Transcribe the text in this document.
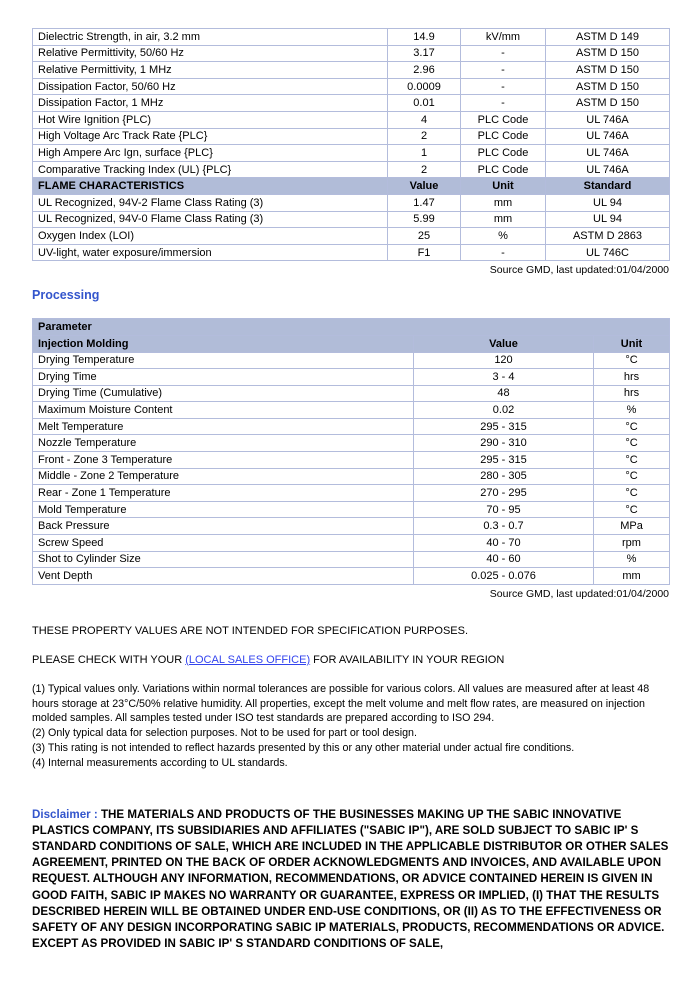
Dielectric Strength, in air, 3.2 mm	14.9	kV/mm	ASTM D 149
Relative Permittivity, 50/60 Hz	3.17	-	ASTM D 150
Relative Permittivity, 1 MHz	2.96	-	ASTM D 150
Dissipation Factor, 50/60 Hz	0.0009	-	ASTM D 150
Dissipation Factor, 1 MHz	0.01	-	ASTM D 150
Hot Wire Ignition {PLC)	4	PLC Code	UL 746A
High Voltage Arc Track Rate {PLC}	2	PLC Code	UL 746A
High Ampere Arc Ign, surface {PLC}	1	PLC Code	UL 746A
Comparative Tracking Index (UL) {PLC}	2	PLC Code	UL 746A
FLAME CHARACTERISTICS	Value	Unit	Standard
UL Recognized, 94V-2 Flame Class Rating (3)	1.47	mm	UL 94
UL Recognized, 94V-0 Flame Class Rating (3)	5.99	mm	UL 94
Oxygen Index (LOI)	25	%	ASTM D 2863
UV-light, water exposure/immersion	F1	-	UL 746C
Source GMD, last updated:01/04/2000
Processing
Parameter		
Injection Molding	Value	Unit
Drying Temperature	120	°C
Drying Time	3 - 4	hrs
Drying Time (Cumulative)	48	hrs
Maximum Moisture Content	0.02	%
Melt Temperature	295 - 315	°C
Nozzle Temperature	290 - 310	°C
Front - Zone 3 Temperature	295 - 315	°C
Middle - Zone 2 Temperature	280 - 305	°C
Rear - Zone 1 Temperature	270 - 295	°C
Mold Temperature	70 - 95	°C
Back Pressure	0.3 - 0.7	MPa
Screw Speed	40 - 70	rpm
Shot to Cylinder Size	40 - 60	%
Vent Depth	0.025 - 0.076	mm
Source GMD, last updated:01/04/2000

THESE PROPERTY VALUES ARE NOT INTENDED FOR SPECIFICATION PURPOSES.

PLEASE CHECK WITH YOUR (LOCAL SALES OFFICE) FOR AVAILABILITY IN YOUR REGION

(1) Typical values only. Variations within normal tolerances are possible for various colors. All values are measured after at least 48 hours storage at 23°C/50% relative humidity. All properties, except the melt volume and melt flow rates, are measured on injection molded samples. All samples tested under ISO test standards are prepared according to ISO 294.
(2) Only typical data for selection purposes. Not to be used for part or tool design.
(3) This rating is not intended to reflect hazards presented by this or any other material under actual fire conditions.
(4) Internal measurements according to UL standards.

Disclaimer : THE MATERIALS AND PRODUCTS OF THE BUSINESSES MAKING UP THE SABIC INNOVATIVE PLASTICS COMPANY, ITS SUBSIDIARIES AND AFFILIATES ("SABIC IP"), ARE SOLD SUBJECT TO SABIC IP' S STANDARD CONDITIONS OF SALE, WHICH ARE INCLUDED IN THE APPLICABLE DISTRIBUTOR OR OTHER SALES AGREEMENT, PRINTED ON THE BACK OF ORDER ACKNOWLEDGMENTS AND INVOICES, AND AVAILABLE UPON REQUEST. ALTHOUGH ANY INFORMATION, RECOMMENDATIONS, OR ADVICE CONTAINED HEREIN IS GIVEN IN GOOD FAITH, SABIC IP MAKES NO WARRANTY OR GUARANTEE, EXPRESS OR IMPLIED, (I) THAT THE RESULTS DESCRIBED HEREIN WILL BE OBTAINED UNDER END-USE CONDITIONS, OR (II) AS TO THE EFFECTIVENESS OR SAFETY OF ANY DESIGN INCORPORATING SABIC IP MATERIALS, PRODUCTS, RECOMMENDATIONS OR ADVICE. EXCEPT AS PROVIDED IN SABIC IP' S STANDARD CONDITIONS OF SALE,
